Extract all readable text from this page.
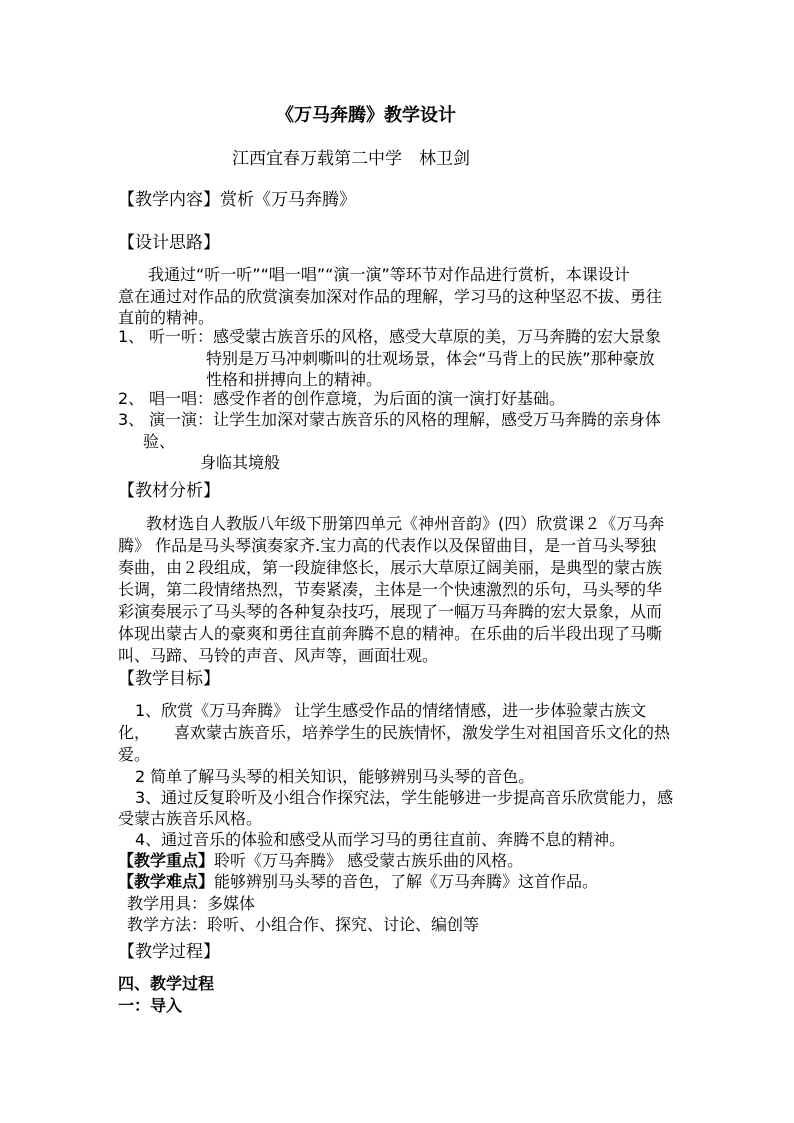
《万马奔腾》教学设计
江西宜春万载第二中学　林卫剑
【教学内容】赏析《万马奔腾》
【设计思路】
我通过“听一听”“唱一唱”“演一演”等环节对作品进行赏析，本课设计
意在通过对作品的欣赏演奏加深对作品的理解，学习马的这种坚忍不拔、勇往
直前的精神。
1、 听一听：感受蒙古族音乐的风格，感受大草原的美，万马奔腾的宏大景象
特别是万马冲刺嘶叫的壮观场景，体会“马背上的民族”那种豪放
性格和拼搏向上的精神。
2、 唱一唱：感受作者的创作意境，为后面的演一演打好基础。
3、 演一演：让学生加深对蒙古族音乐的风格的理解，感受万马奔腾的亲身体
验、
身临其境般
【教材分析】
教材选自人教版八年级下册第四单元《神州音韵》(四）欣赏课２《万马奔
腾》 作品是马头琴演奏家齐.宝力高的代表作以及保留曲目，是一首马头琴独
奏曲，由２段组成，第一段旋律悠长，展示大草原辽阔美丽，是典型的蒙古族
长调，第二段情绪热烈，节奏紧凑，主体是一个快速激烈的乐句，马头琴的华
彩演奏展示了马头琴的各种复杂技巧，展现了一幅万马奔腾的宏大景象，从而
体现出蒙古人的豪爽和勇往直前奔腾不息的精神。在乐曲的后半段出现了马嘶
叫、马蹄、马铃的声音、风声等，画面壮观。
【教学目标】
1、欣赏《万马奔腾》 让学生感受作品的情绪情感，进一步体验蒙古族文
化，　　喜欢蒙古族音乐，培养学生的民族情怀，激发学生对祖国音乐文化的热
爱。
2 简单了解马头琴的相关知识，能够辨别马头琴的音色。
3、通过反复聆听及小组合作探究法，学生能够进一步提高音乐欣赏能力，感
受蒙古族音乐风格。
4、通过音乐的体验和感受从而学习马的勇往直前、奔腾不息的精神。
【教学重点】聆听《万马奔腾》 感受蒙古族乐曲的风格。
【教学难点】能够辨别马头琴的音色，了解《万马奔腾》这首作品。
教学用具：多媒体
教学方法：聆听、小组合作、探究、讨论、编创等
【教学过程】
四、教学过程
一：导入
